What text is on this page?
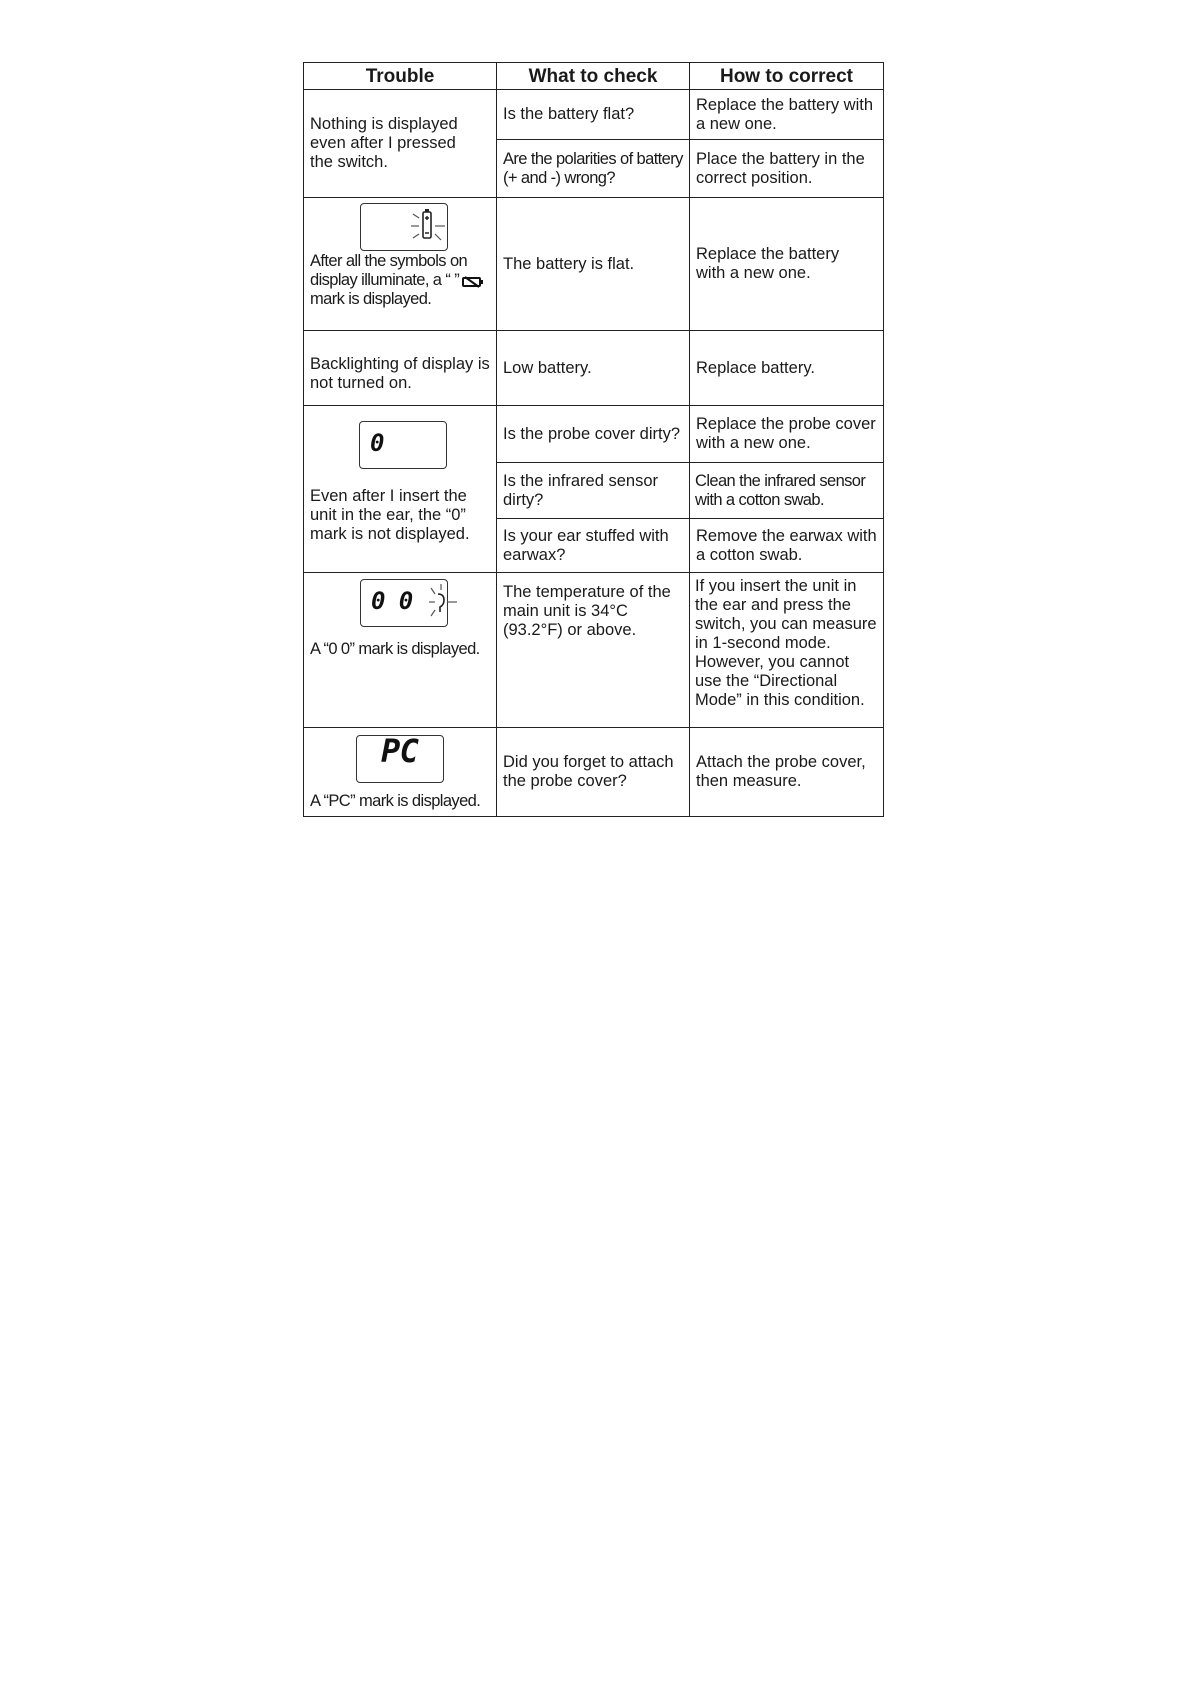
Trouble	What to check	How to correct

Nothing is displayed even after I pressed the switch.	Is the battery flat?	Replace the battery with a new one.
	Are the polarities of battery (+ and -) wrong?	Place the battery in the correct position.

After all the symbols on display illuminate, a “ ” mark is displayed.	The battery is flat.	Replace the battery with a new one.

Backlighting of display is not turned on.	Low battery.	Replace battery.

0
Even after I insert the unit in the ear, the “0” mark is not displayed.	Is the probe cover dirty?	Replace the probe cover with a new one.
	Is the infrared sensor dirty?	Clean the infrared sensor with a cotton swab.
	Is your ear stuffed with earwax?	Remove the earwax with a cotton swab.

0 0
A “0 0” mark is displayed.	The temperature of the main unit is 34°C (93.2°F) or above.	If you insert the unit in the ear and press the switch, you can measure in 1-second mode. However, you cannot use the “Directional Mode” in this condition.

PC
A “PC” mark is displayed.	Did you forget to attach the probe cover?	Attach the probe cover, then measure.
